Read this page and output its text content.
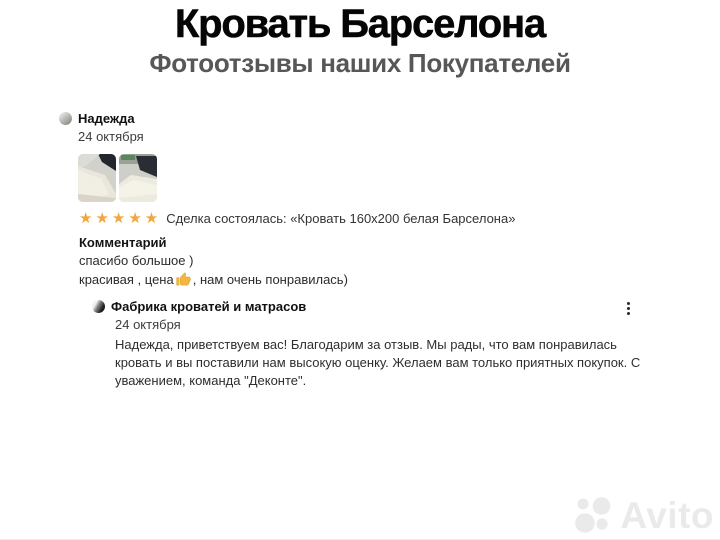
Кровать Барселона
Фотоотзывы наших Покупателей
Надежда
24 октября
★★★★★ Сделка состоялась: «Кровать 160x200 белая Барселона»
Комментарий
спасибо большое )
красивая , цена , нам очень понравилась)
Фабрика кроватей и матрасов
24 октября
Надежда, приветствуем вас! Благодарим за отзыв. Мы рады, что вам понравилась кровать и вы поставили нам высокую оценку. Желаем вам только приятных покупок. С уважением, команда "Деконте".
Avito
